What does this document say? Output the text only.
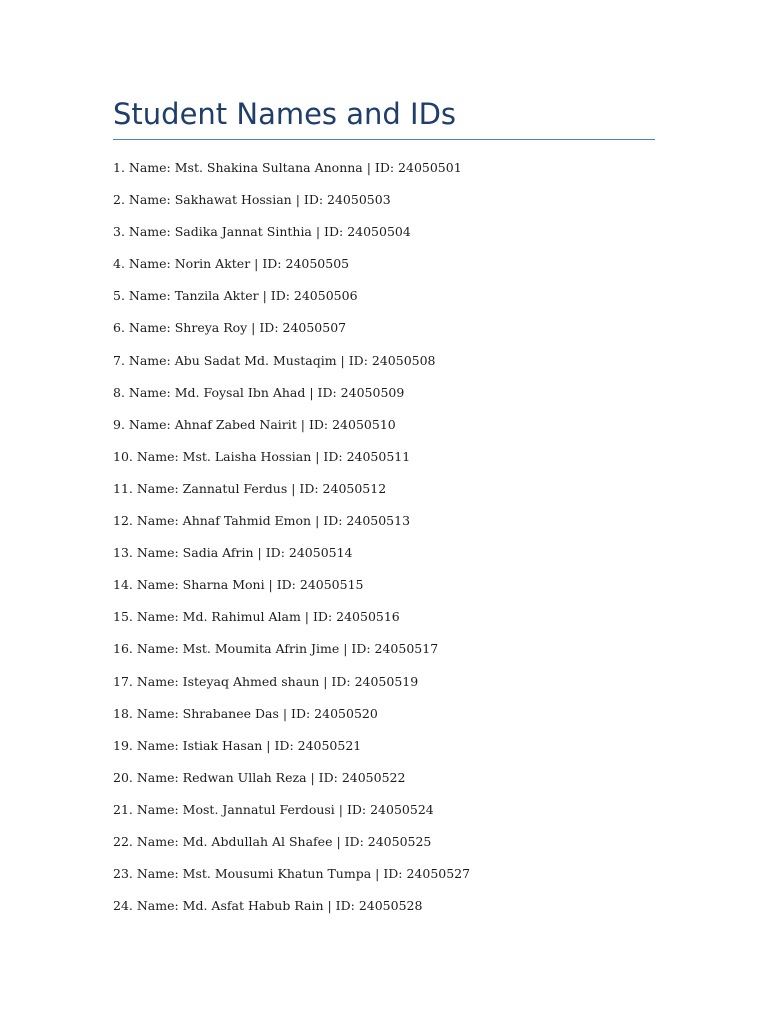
Student Names and IDs
1. Name: Mst. Shakina Sultana Anonna | ID: 24050501
2. Name: Sakhawat Hossian | ID: 24050503
3. Name: Sadika Jannat Sinthia | ID: 24050504
4. Name: Norin Akter | ID: 24050505
5. Name: Tanzila Akter | ID: 24050506
6. Name: Shreya Roy | ID: 24050507
7. Name: Abu Sadat Md. Mustaqim | ID: 24050508
8. Name: Md. Foysal Ibn Ahad | ID: 24050509
9. Name: Ahnaf Zabed Nairit | ID: 24050510
10. Name: Mst. Laisha Hossian | ID: 24050511
11. Name: Zannatul Ferdus | ID: 24050512
12. Name: Ahnaf Tahmid Emon | ID: 24050513
13. Name: Sadia Afrin | ID: 24050514
14. Name: Sharna Moni | ID: 24050515
15. Name: Md. Rahimul Alam | ID: 24050516
16. Name: Mst. Moumita Afrin Jime | ID: 24050517
17. Name: Isteyaq Ahmed shaun | ID: 24050519
18. Name: Shrabanee Das | ID: 24050520
19. Name: Istiak Hasan | ID: 24050521
20. Name: Redwan Ullah Reza | ID: 24050522
21. Name: Most. Jannatul Ferdousi | ID: 24050524
22. Name: Md. Abdullah Al Shafee | ID: 24050525
23. Name: Mst. Mousumi Khatun Tumpa | ID: 24050527
24. Name: Md. Asfat Habub Rain | ID: 24050528
